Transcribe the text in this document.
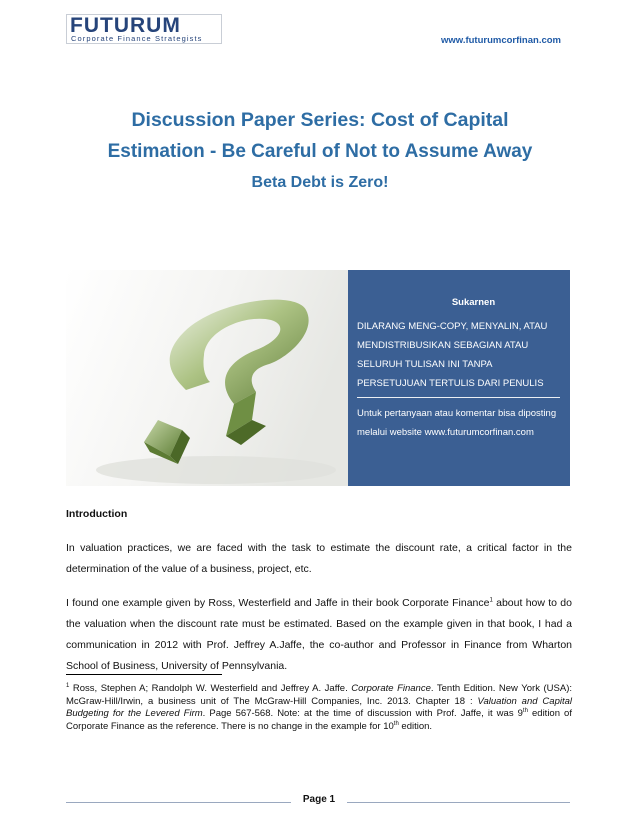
FUTURUM
Corporate Finance Strategists	www.futurumcorfinan.com
Discussion Paper Series: Cost of Capital
Estimation - Be Careful of Not to Assume Away
Beta Debt is Zero!
Sukarnen
DILARANG MENG-COPY, MENYALIN, ATAU MENDISTRIBUSIKAN SEBAGIAN ATAU SELURUH TULISAN INI TANPA PERSETUJUAN TERTULIS DARI PENULIS
Untuk pertanyaan atau komentar bisa diposting melalui website www.futurumcorfinan.com
Introduction
In valuation practices, we are faced with the task to estimate the discount rate, a critical factor in the determination of the value of a business, project, etc.
I found one example given by Ross, Westerfield and Jaffe in their book Corporate Finance$^1$ about how to do the valuation when the discount rate must be estimated. Based on the example given in that book, I had a communication in 2012 with Prof. Jeffrey A.Jaffe, the co-author and Professor in Finance from Wharton School of Business, University of Pennsylvania.
$^1$ Ross, Stephen A; Randolph W. Westerfield and Jeffrey A. Jaffe. Corporate Finance. Tenth Edition. New York (USA): McGraw-Hill/Irwin, a business unit of The McGraw-Hill Companies, Inc. 2013. Chapter 18 : Valuation and Capital Budgeting for the Levered Firm. Page 567-568. Note: at the time of discussion with Prof. Jaffe, it was 9th edition of Corporate Finance as the reference. There is no change in the example for 10th edition.
Page 1
